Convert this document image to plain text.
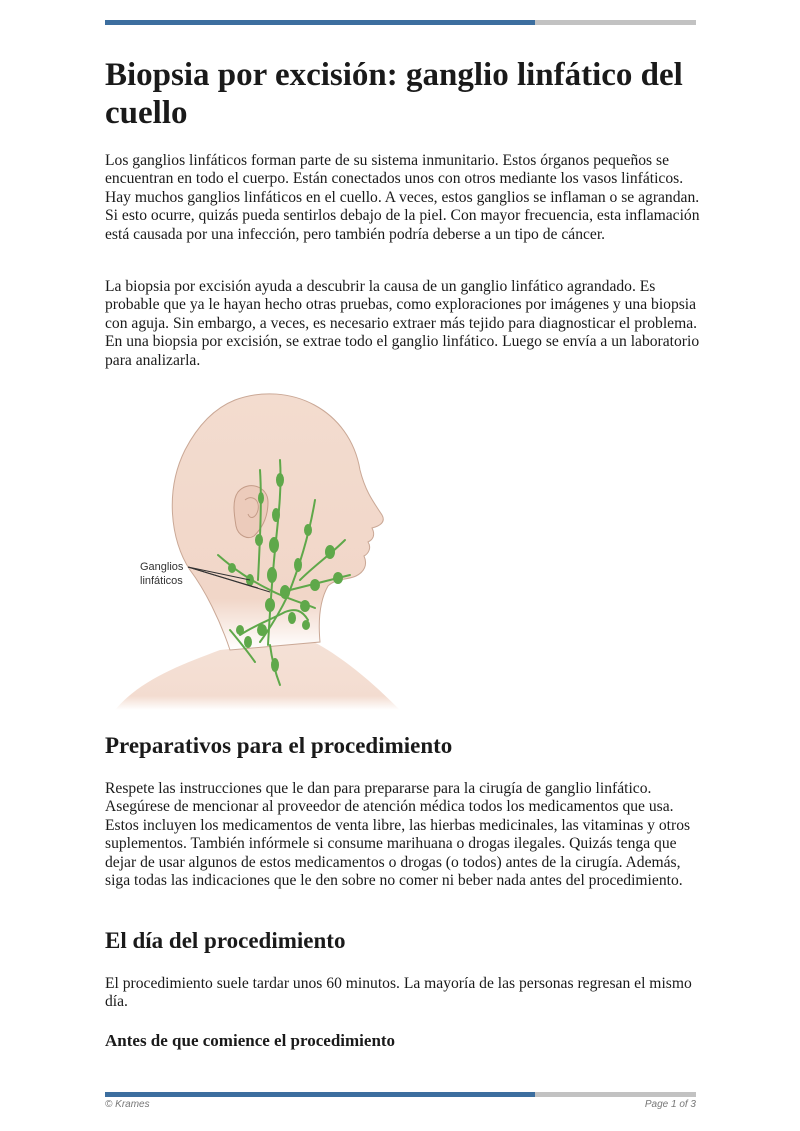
Biopsia por excisión: ganglio linfático del cuello

Los ganglios linfáticos forman parte de su sistema inmunitario. Estos órganos pequeños se encuentran en todo el cuerpo. Están conectados unos con otros mediante los vasos linfáticos. Hay muchos ganglios linfáticos en el cuello. A veces, estos ganglios se inflaman o se agrandan. Si esto ocurre, quizás pueda sentirlos debajo de la piel. Con mayor frecuencia, esta inflamación está causada por una infección, pero también podría deberse a un tipo de cáncer.

La biopsia por excisión ayuda a descubrir la causa de un ganglio linfático agrandado. Es probable que ya le hayan hecho otras pruebas, como exploraciones por imágenes y una biopsia con aguja. Sin embargo, a veces, es necesario extraer más tejido para diagnosticar el problema. En una biopsia por excisión, se extrae todo el ganglio linfático. Luego se envía a un laboratorio para analizarla.

Ganglios
linfáticos
Preparativos para el procedimiento

Respete las instrucciones que le dan para prepararse para la cirugía de ganglio linfático. Asegúrese de mencionar al proveedor de atención médica todos los medicamentos que usa. Estos incluyen los medicamentos de venta libre, las hierbas medicinales, las vitaminas y otros suplementos. También infórmele si consume marihuana o drogas ilegales. Quizás tenga que dejar de usar algunos de estos medicamentos o drogas (o todos) antes de la cirugía. Además, siga todas las indicaciones que le den sobre no comer ni beber nada antes del procedimiento.

El día del procedimiento

El procedimiento suele tardar unos 60 minutos. La mayoría de las personas regresan el mismo día.

Antes de que comience el procedimiento
© Krames	Page 1 of 3
